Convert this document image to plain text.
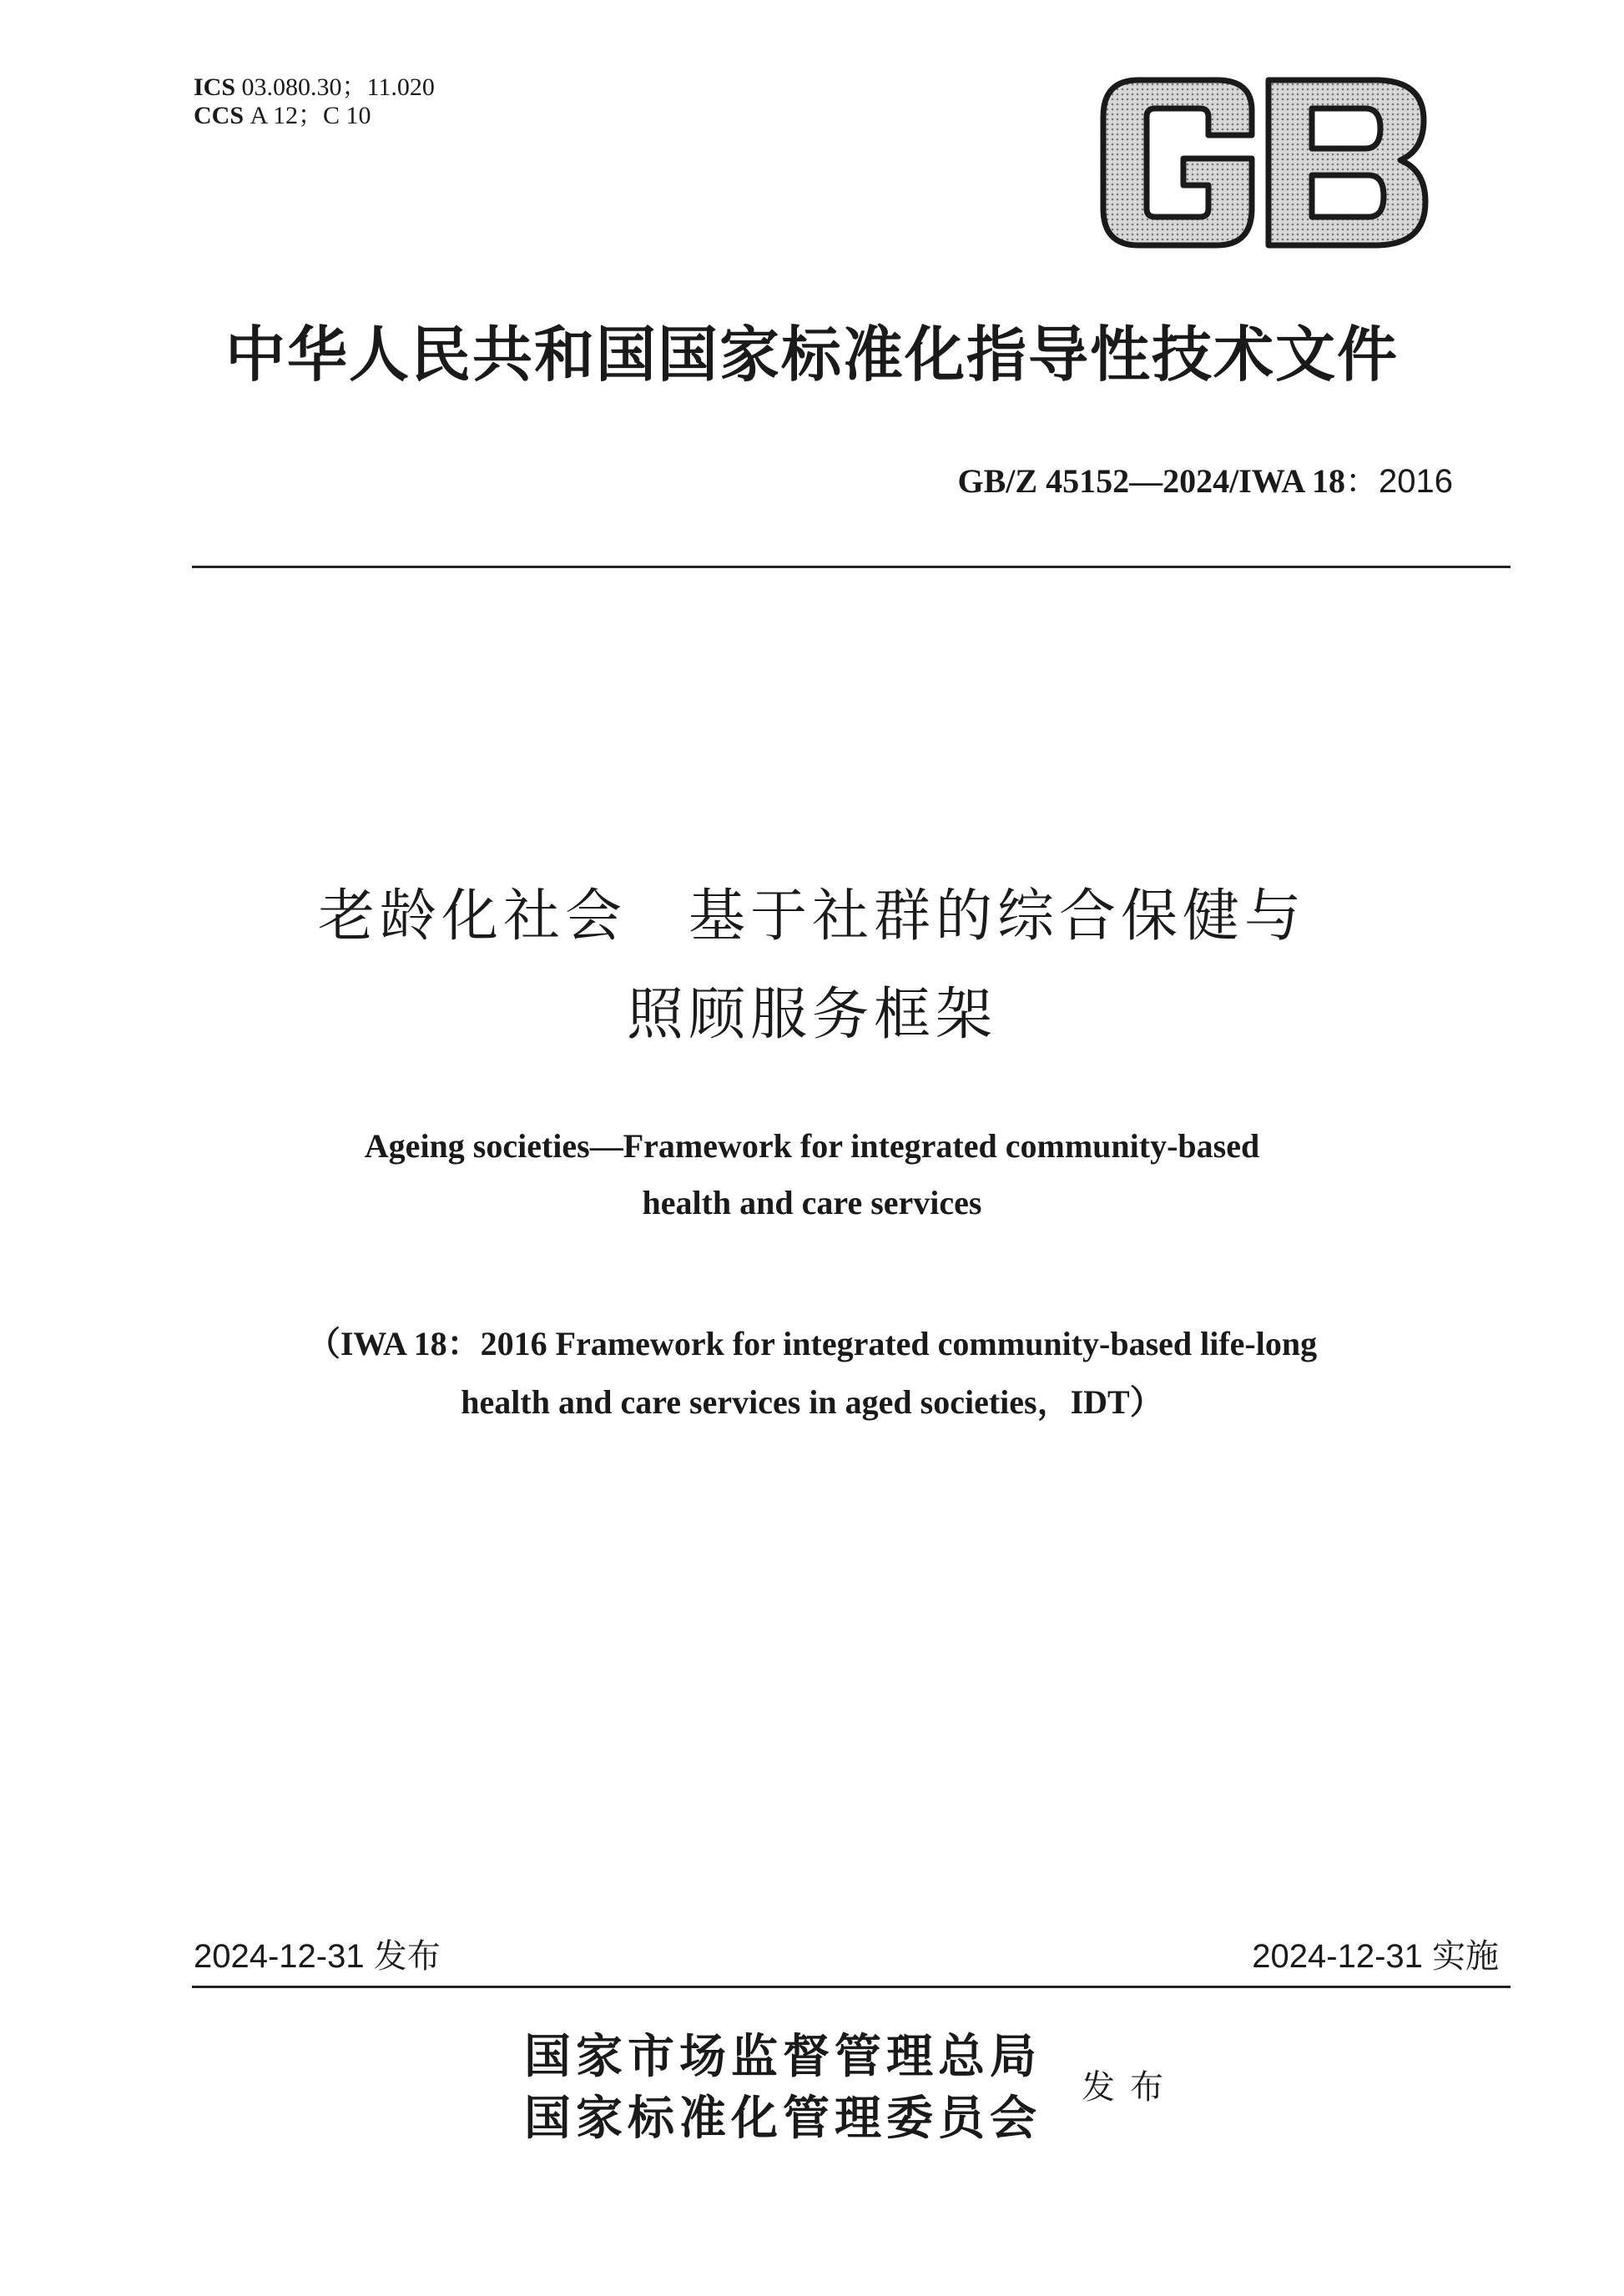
ICS 03.080.30；11.020
CCS A 12；C 10
中华人民共和国国家标准化指导性技术文件
GB/Z 45152—2024/IWA 18：2016
老龄化社会　基于社群的综合保健与
照顾服务框架
Ageing societies—Framework for integrated community-based
health and care services
（IWA 18：2016 Framework for integrated community-based life-long
health and care services in aged societies，IDT）
2024-12-31 发布	2024-12-31 实施
国家市场监督管理总局
国家标准化管理委员会
发布
